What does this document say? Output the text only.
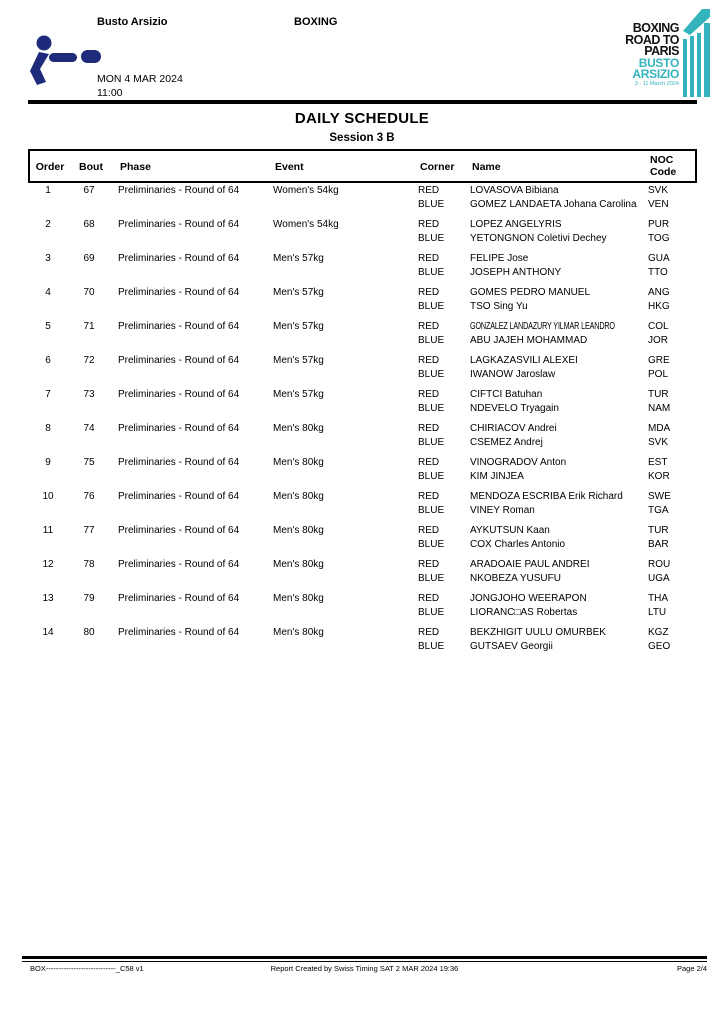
Busto Arsizio	BOXING
MON 4 MAR 2024
11:00
BOXING
ROAD TO
PARIS
BUSTO
ARSIZIO
3 - 11 March 2024
DAILY SCHEDULE
Session 3 B
Order	Bout	Phase	Event	Corner	Name
NOC
Code
1	67	Preliminaries - Round of 64	Women's 54kg	RED	LOVASOVA Bibiana	SVK
BLUE	GOMEZ LANDAETA Johana Carolina	VEN
2	68	Preliminaries - Round of 64	Women's 54kg	RED	LOPEZ ANGELYRIS	PUR
BLUE	YETONGNON Coletivi Dechey	TOG
3	69	Preliminaries - Round of 64	Men's 57kg	RED	FELIPE Jose	GUA
BLUE	JOSEPH ANTHONY	TTO
4	70	Preliminaries - Round of 64	Men's 57kg	RED	GOMES PEDRO MANUEL	ANG
BLUE	TSO Sing Yu	HKG
5	71	Preliminaries - Round of 64	Men's 57kg	RED	GONZALEZ LANDAZURY YILMAR LEANDRO	COL
BLUE	ABU JAJEH MOHAMMAD	JOR
6	72	Preliminaries - Round of 64	Men's 57kg	RED	LAGKAZASVILI ALEXEI	GRE
BLUE	IWANOW Jaroslaw	POL
7	73	Preliminaries - Round of 64	Men's 57kg	RED	CIFTCI Batuhan	TUR
BLUE	NDEVELO Tryagain	NAM
8	74	Preliminaries - Round of 64	Men's 80kg	RED	CHIRIACOV Andrei	MDA
BLUE	CSEMEZ Andrej	SVK
9	75	Preliminaries - Round of 64	Men's 80kg	RED	VINOGRADOV Anton	EST
BLUE	KIM JINJEA	KOR
10	76	Preliminaries - Round of 64	Men's 80kg	RED	MENDOZA ESCRIBA Erik Richard	SWE
BLUE	VINEY Roman	TGA
11	77	Preliminaries - Round of 64	Men's 80kg	RED	AYKUTSUN Kaan	TUR
BLUE	COX Charles Antonio	BAR
12	78	Preliminaries - Round of 64	Men's 80kg	RED	ARADOAIE PAUL ANDREI	ROU
BLUE	NKOBEZA YUSUFU	UGA
13	79	Preliminaries - Round of 64	Men's 80kg	RED	JONGJOHO WEERAPON	THA
BLUE	LIORANC□AS Robertas	LTU
14	80	Preliminaries - Round of 64	Men's 80kg	RED	BEKZHIGIT UULU OMURBEK	KGZ
BLUE	GUTSAEV Georgii	GEO
BOX----------------------------_C58 v1	Report Created by Swiss Timing SAT 2 MAR 2024 19:36	Page 2/4
